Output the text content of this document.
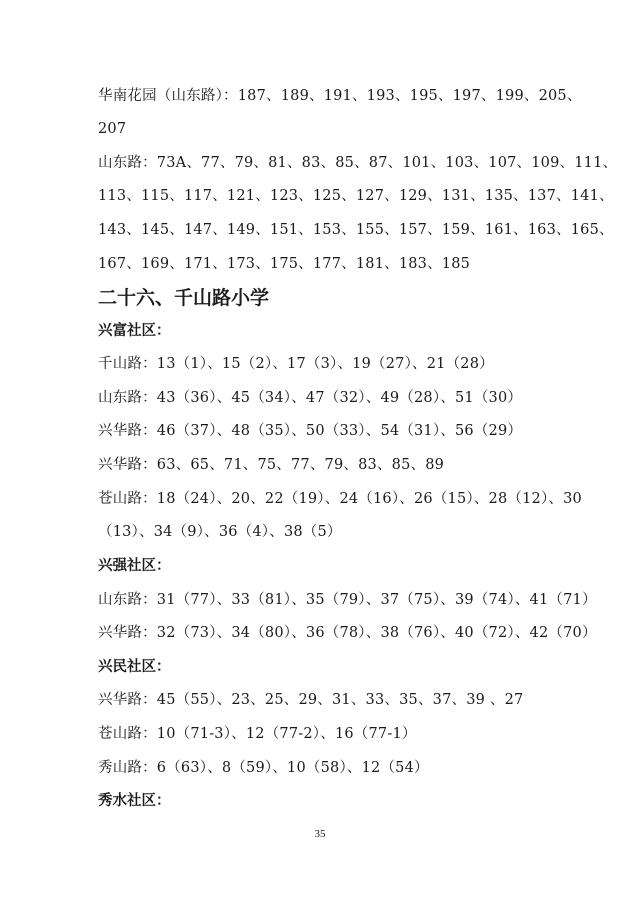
华南花园（山东路）：187、189、191、193、195、197、199、205、
207
山东路：73A、77、79、81、83、85、87、101、103、107、109、111、
113、115、117、121、123、125、127、129、131、135、137、141、
143、145、147、149、151、153、155、157、159、161、163、165、
167、169、171、173、175、177、181、183、185
二十六、千山路小学
兴富社区：
千山路：13（1）、15（2）、17（3）、19（27）、21（28）
山东路：43（36）、45（34）、47（32）、49（28）、51（30）
兴华路：46（37）、48（35）、50（33）、54（31）、56（29）
兴华路：63、65、71、75、77、79、83、85、89
苍山路：18（24）、20、22（19）、24（16）、26（15）、28（12）、30
（13）、34（9）、36（4）、38（5）
兴强社区：
山东路：31（77）、33（81）、35（79）、37（75）、39（74）、41（71）
兴华路：32（73）、34（80）、36（78）、38（76）、40（72）、42（70）
兴民社区：
兴华路：45（55）、23、25、29、31、33、35、37、39 、27
苍山路：10（71-3）、12（77-2）、16（77-1）
秀山路：6（63）、8（59）、10（58）、12（54）
秀水社区：
35
